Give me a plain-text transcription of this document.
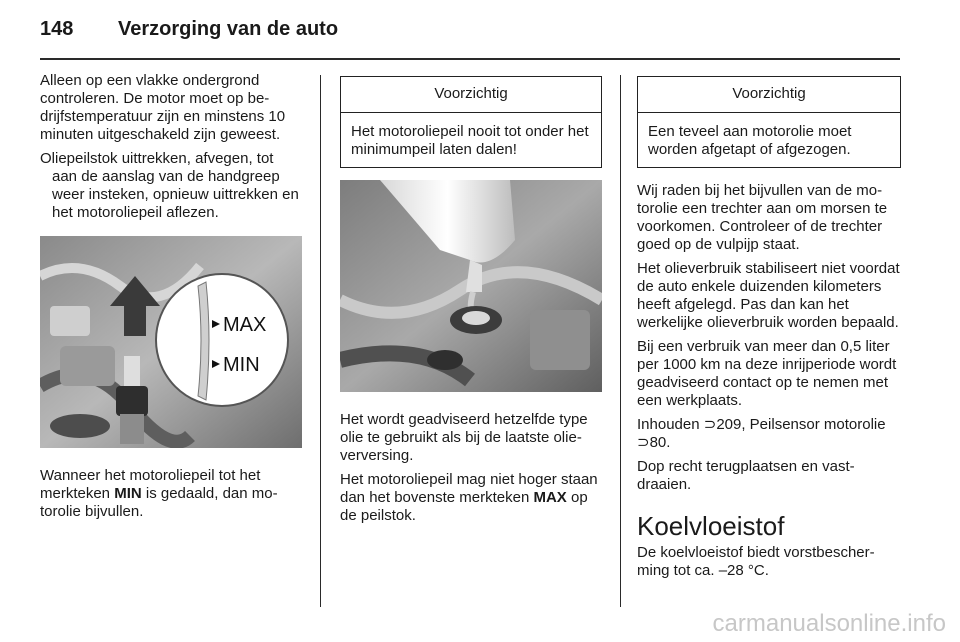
148 Verzorging van de auto

Alleen op een vlakke ondergrond controleren. De motor moet op bedrijfstemperatuur zijn en minstens 10 minuten uitgeschakeld zijn geweest.

Oliepeilstok uittrekken, afvegen, tot aan de aanslag van de handgreep weer insteken, opnieuw uittrekken en het motoroliepeil aflezen.

MAX
MIN

Wanneer het motoroliepeil tot het merkteken MIN is gedaald, dan motorolie bijvullen.

Voorzichtig
Het motoroliepeil nooit tot onder het minimumpeil laten dalen!

Het wordt geadviseerd hetzelfde type olie te gebruikt als bij de laatste olieverversing.

Het motoroliepeil mag niet hoger staan dan het bovenste merkteken MAX op de peilstok.

Voorzichtig
Een teveel aan motorolie moet worden afgetapt of afgezogen.

Wij raden bij het bijvullen van de motorolie een trechter aan om morsen te voorkomen. Controleer of de trechter goed op de vulpijp staat.

Het olieverbruik stabiliseert niet voordat de auto enkele duizenden kilometers heeft afgelegd. Pas dan kan het werkelijke olieverbruik worden bepaald.

Bij een verbruik van meer dan 0,5 liter per 1000 km na deze inrijperiode wordt geadviseerd contact op te nemen met een werkplaats.

Inhouden ⊃209, Peilsensor motorolie ⊃80.

Dop recht terugplaatsen en vastdraaien.

Koelvloeistof

De koelvloeistof biedt vorstbescherming tot ca. –28 °C.

carmanualsonline.info
